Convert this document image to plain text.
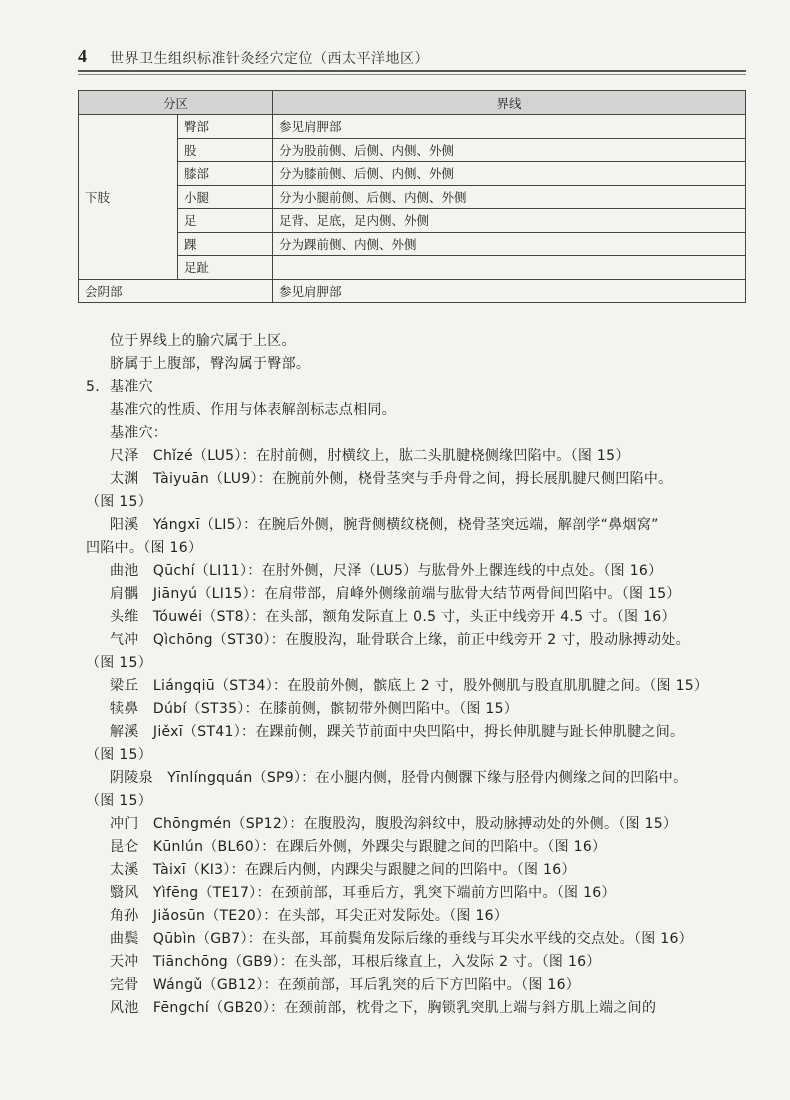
4 世界卫生组织标准针灸经穴定位（西太平洋地区）
分区		界线
下肢	臀部	参见肩胛部
	股	分为股前侧、后侧、内侧、外侧
	膝部	分为膝前侧、后侧、内侧、外侧
	小腿	分为小腿前侧、后侧、内侧、外侧
	足	足背、足底，足内侧、外侧
	踝	分为踝前侧、内侧、外侧
	足趾	
会阴部		参见肩胛部
位于界线上的腧穴属于上区。
脐属于上腹部，臀沟属于臀部。
5. 基准穴
基准穴的性质、作用与体表解剖标志点相同。
基准穴：
尺泽　Chǐzé（LU5）：在肘前侧，肘横纹上，肱二头肌腱桡侧缘凹陷中。（图 15）
太渊　Tàiyuān（LU9）：在腕前外侧，桡骨茎突与手舟骨之间，拇长展肌腱尺侧凹陷中。
（图 15）
阳溪　Yángxī（LI5）：在腕后外侧，腕背侧横纹桡侧，桡骨茎突远端，解剖学“鼻烟窝”
凹陷中。（图 16）
曲池　Qūchí（LI11）：在肘外侧，尺泽（LU5）与肱骨外上髁连线的中点处。（图 16）
肩髃　Jiānyú（LI15）：在肩带部，肩峰外侧缘前端与肱骨大结节两骨间凹陷中。（图 15）
头维　Tóuwéi（ST8）：在头部，额角发际直上 0.5 寸，头正中线旁开 4.5 寸。（图 16）
气冲　Qìchōng（ST30）：在腹股沟，耻骨联合上缘，前正中线旁开 2 寸，股动脉搏动处。
（图 15）
梁丘　Liángqiū（ST34）：在股前外侧，髌底上 2 寸，股外侧肌与股直肌肌腱之间。（图 15）
犊鼻　Dúbí（ST35）：在膝前侧，髌韧带外侧凹陷中。（图 15）
解溪　Jiěxī（ST41）：在踝前侧，踝关节前面中央凹陷中，拇长伸肌腱与趾长伸肌腱之间。
（图 15）
阴陵泉　Yīnlíngquán（SP9）：在小腿内侧，胫骨内侧髁下缘与胫骨内侧缘之间的凹陷中。
（图 15）
冲门　Chōngmén（SP12）：在腹股沟，腹股沟斜纹中，股动脉搏动处的外侧。（图 15）
昆仑　Kūnlún（BL60）：在踝后外侧，外踝尖与跟腱之间的凹陷中。（图 16）
太溪　Tàixī（KI3）：在踝后内侧，内踝尖与跟腱之间的凹陷中。（图 16）
翳风　Yìfēng（TE17）：在颈前部，耳垂后方，乳突下端前方凹陷中。（图 16）
角孙　Jiǎosūn（TE20）：在头部，耳尖正对发际处。（图 16）
曲鬓　Qūbìn（GB7）：在头部，耳前鬓角发际后缘的垂线与耳尖水平线的交点处。（图 16）
天冲　Tiānchōng（GB9）：在头部，耳根后缘直上，入发际 2 寸。（图 16）
完骨　Wángǔ（GB12）：在颈前部，耳后乳突的后下方凹陷中。（图 16）
风池　Fēngchí（GB20）：在颈前部，枕骨之下，胸锁乳突肌上端与斜方肌上端之间的
